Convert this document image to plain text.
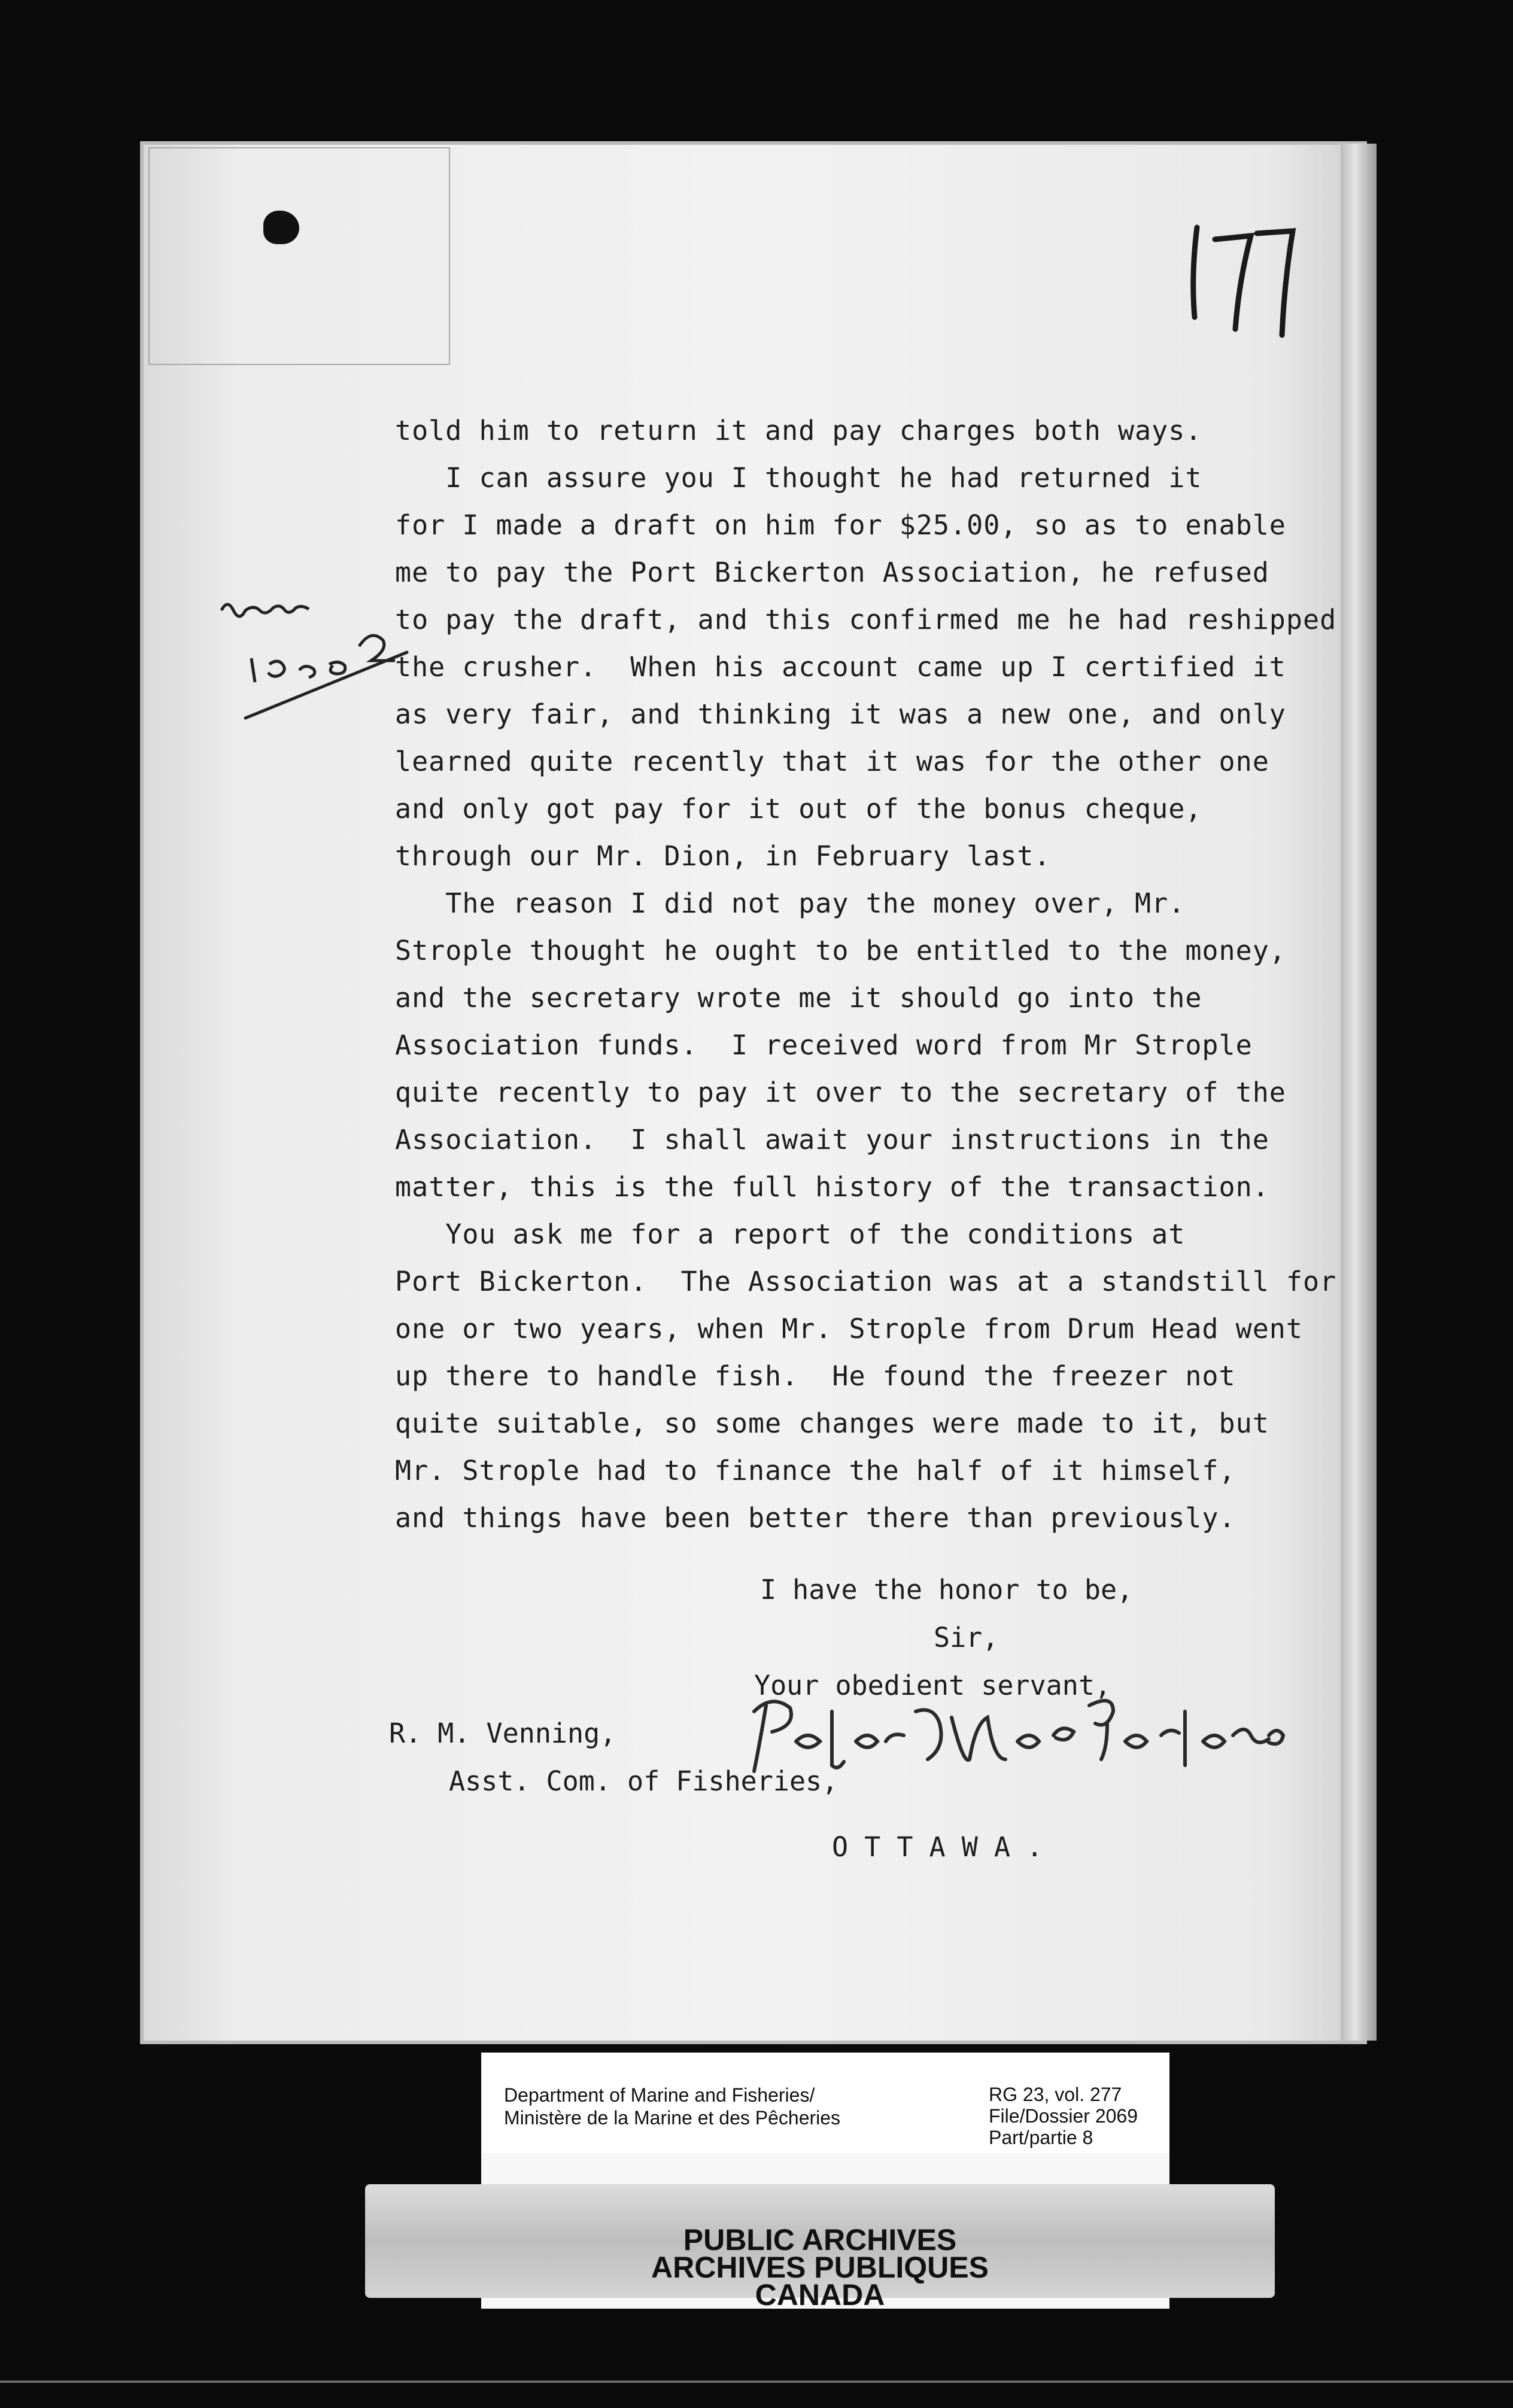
told him to return it and pay charges both ways.
I can assure you I thought he had returned it
for I made a draft on him for $25.00, so as to enable
me to pay the Port Bickerton Association, he refused
to pay the draft, and this confirmed me he had reshipped
the crusher.  When his account came up I certified it
as very fair, and thinking it was a new one, and only
learned quite recently that it was for the other one
and only got pay for it out of the bonus cheque,
through our Mr. Dion, in February last.
The reason I did not pay the money over, Mr.
Strople thought he ought to be entitled to the money,
and the secretary wrote me it should go into the
Association funds.  I received word from Mr Strople
quite recently to pay it over to the secretary of the
Association.  I shall await your instructions in the
matter, this is the full history of the transaction.
You ask me for a report of the conditions at
Port Bickerton.  The Association was at a standstill for
one or two years, when Mr. Strople from Drum Head went
up there to handle fish.  He found the freezer not
quite suitable, so some changes were made to it, but
Mr. Strople had to finance the half of it himself,
and things have been better there than previously.
I have the honor to be,
Sir,
Your obedient servant,
R. M. Venning,
Asst. Com. of Fisheries,
O T T A W A .
Department of Marine and Fisheries/
Ministère de la Marine et des Pêcheries
RG 23, vol. 277
File/Dossier 2069
Part/partie 8
PUBLIC ARCHIVES
ARCHIVES PUBLIQUES
CANADA
